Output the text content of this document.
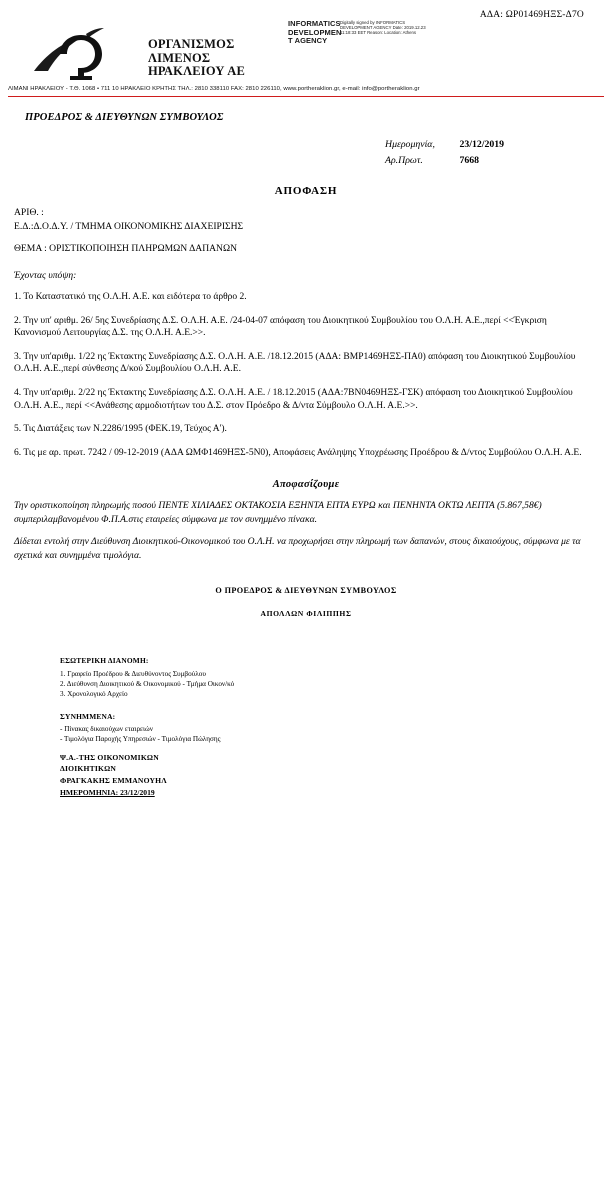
ΑΔΑ: ΩΡ01469ΗΞΣ-Δ7Ο
ΟΡΓΑΝΙΣΜΟΣ
ΛΙΜΕΝΟΣ
ΗΡΑΚΛΕΙΟΥ ΑΕ
INFORMATICS
DEVELOPMEN
T AGENCY
Digitally signed by INFORMATICS DEVELOPMENT AGENCY Date: 2019.12.23 11:18:33 EET Reason: Location: Athens
ΛΙΜΑΝΙ ΗΡΑΚΛΕΙΟΥ - Τ.Θ. 1068 • 711 10 ΗΡΑΚΛΕΙΟ ΚΡΗΤΗΣ ΤΗΛ.: 2810 338110 FAX: 2810 226110, www.portheraklion.gr, e-mail: info@portheraklion.gr
ΠΡΟΕΔΡΟΣ & ΔΙΕΥΘΥΝΩΝ ΣΥΜΒΟΥΛΟΣ
Ημερομηνία,	23/12/2019
Αρ.Πρωτ.	7668
ΑΠΟΦΑΣΗ
ΑΡΙΘ. :
Ε.Δ.:Δ.Ο.Δ.Υ. / ΤΜΗΜΑ ΟΙΚΟΝΟΜΙΚΗΣ ΔΙΑΧΕΙΡΙΣΗΣ
ΘΕΜΑ : ΟΡΙΣΤΙΚΟΠΟΙΗΣΗ ΠΛΗΡΩΜΩΝ ΔΑΠΑΝΩΝ
Έχοντας υπόψη:
1. Το Καταστατικό της Ο.Λ.Η. Α.Ε. και ειδότερα το άρθρο 2.
2. Την υπ' αριθμ. 26/ 5ης Συνεδρίασης Δ.Σ. Ο.Λ.Η. Α.Ε. /24-04-07 απόφαση του Διοικητικού Συμβουλίου του Ο.Λ.Η. Α.Ε.,περί <<Έγκριση Κανονισμού Λειτουργίας Δ.Σ. της Ο.Λ.Η. Α.Ε.>>.
3. Την υπ'αριθμ. 1/22 ης Έκτακτης Συνεδρίασης Δ.Σ. Ο.Λ.Η. Α.Ε. /18.12.2015 (ΑΔΑ: ΒΜΡ1469ΗΞΣ-ΠΑ0) απόφαση του Διοικητικού Συμβουλίου Ο.Λ.Η. Α.Ε.,περί σύνθεσης Δ/κού Συμβουλίου Ο.Λ.Η. Α.Ε.
4. Την υπ'αριθμ. 2/22 ης Έκτακτης Συνεδρίασης Δ.Σ. Ο.Λ.Η. Α.Ε. / 18.12.2015 (ΑΔΑ:7ΒΝ0469ΗΞΣ-ΓΣΚ) απόφαση του Διοικητικού Συμβουλίου Ο.Λ.Η. Α.Ε., περί <<Ανάθεσης αρμοδιοτήτων του Δ.Σ. στον Πρόεδρο & Δ/ντα Σύμβουλο Ο.Λ.Η. Α.Ε.>>.
5. Τις Διατάξεις των Ν.2286/1995 (ΦΕΚ.19, Τεύχος Α').
6. Τις με αρ. πρωτ. 7242 / 09-12-2019 (ΑΔΑ ΩΜΦ1469ΗΞΣ-5Ν0), Αποφάσεις Ανάληψης Υποχρέωσης Προέδρου & Δ/ντος Συμβούλου Ο.Λ.Η. Α.Ε.
Αποφασίζουμε
Την οριστικοποίηση πληρωμής ποσού ΠΕΝΤΕ ΧΙΛΙΑΔΕΣ ΟΚΤΑΚΟΣΙΑ ΕΞΗΝΤΑ ΕΠΤΑ ΕΥΡΩ και ΠΕΝΗΝΤΑ ΟΚΤΩ ΛΕΠΤΑ (5.867,58€) συμπεριλαμβανομένου Φ.Π.Α.στις εταιρείες σύμφωνα με τον συνημμένο πίνακα.
Δίδεται εντολή στην Διεύθυνση Διοικητικού-Οικονομικού του Ο.Λ.Η. να προχωρήσει στην πληρωμή των δαπανών, στους δικαιούχους, σύμφωνα με τα σχετικά και συνημμένα τιμολόγια.
Ο ΠΡΟΕΔΡΟΣ & ΔΙΕΥΘΥΝΩΝ ΣΥΜΒΟΥΛΟΣ
ΑΠΟΛΛΩΝ ΦΙΛΙΠΠΗΣ
ΕΣΩΤΕΡΙΚΗ ΔΙΑΝΟΜΗ:
1. Γραφείο Προέδρου & Διευθύνοντος Συμβούλου
2. Διεύθυνση Διοικητικού & Οικονομικού - Τμήμα Οικον/κό
3. Χρονολογικό Αρχείο
ΣΥΝΗΜΜΕΝΑ:
- Πίνακας δικαιούχων εταιρειών
- Τιμολόγια Παροχής Υπηρεσιών - Τιμολόγια Πώλησης
Ψ.Α.-ΤΗΣ ΟΙΚΟΝΟΜΙΚΩΝ
ΔΙΟΙΚΗΤΙΚΩΝ
ΦΡΑΓΚΑΚΗΣ ΕΜΜΑΝΟΥΗΛ
ΗΜΕΡΟΜΗΝΙΑ: 23/12/2019
